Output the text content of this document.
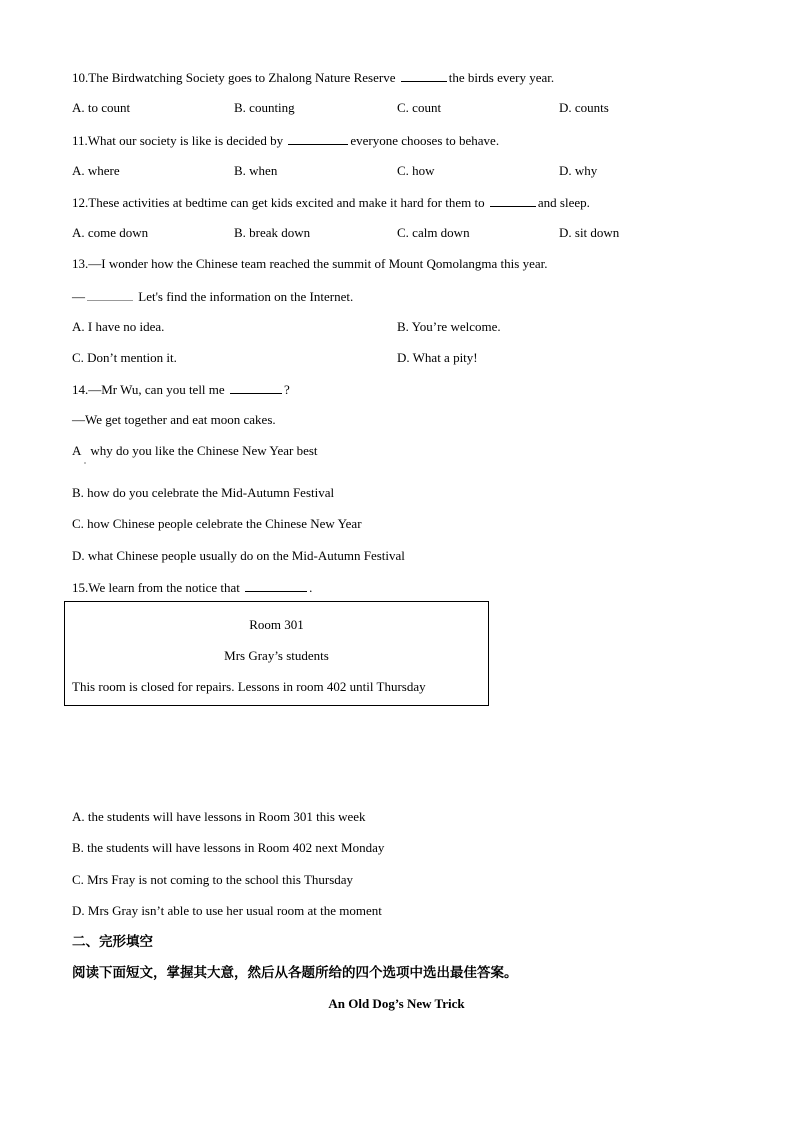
10.The Birdwatching Society goes to Zhalong Nature Reserve	the birds every year.
A. to count	B. counting	C. count	D. counts
11.What our society is like is decided by	everyone chooses to behave.
A. where	B. when	C. how	D. why
12.These activities at bedtime can get kids excited and make it hard for them to	and sleep.
A. come down	B. break down	C. calm down	D. sit down
13.—I wonder how the Chinese team reached the summit of Mount Qomolangma this year.
—	Let's find the information on the Internet.
A. I have no idea.	B. You’re welcome.
C. Don’t mention it.	D. What a pity!
14.—Mr Wu, can you tell me	?
—We get together and eat moon cakes.
A   why do you like the Chinese New Year best
B. how do you celebrate the Mid-Autumn Festival
C. how Chinese people celebrate the Chinese New Year
D. what Chinese people usually do on the Mid-Autumn Festival
15.We learn from the notice that	.
Room 301
Mrs Gray’s students
This room is closed for repairs. Lessons in room 402 until Thursday
A. the students will have lessons in Room 301 this week
B. the students will have lessons in Room 402 next Monday
C. Mrs Fray is not coming to the school this Thursday
D. Mrs Gray isn’t able to use her usual room at the moment
二、完形填空
阅读下面短文，掌握其大意，然后从各题所给的四个选项中选出最佳答案。
An Old Dog’s New Trick
